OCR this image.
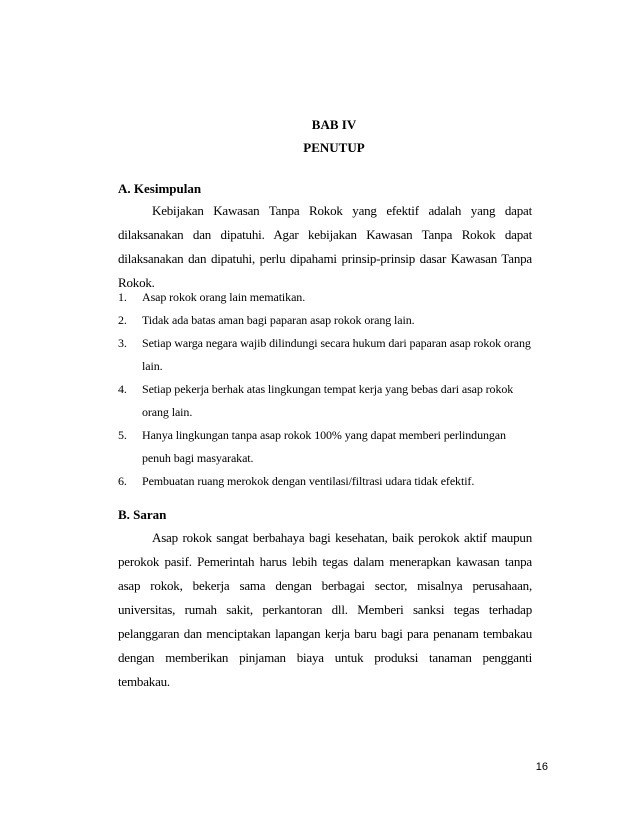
BAB IV
PENUTUP
A. Kesimpulan
Kebijakan Kawasan Tanpa Rokok yang efektif adalah yang dapat dilaksanakan dan dipatuhi. Agar kebijakan Kawasan Tanpa Rokok dapat dilaksanakan dan dipatuhi, perlu dipahami prinsip-prinsip dasar Kawasan Tanpa Rokok.
1. Asap rokok orang lain mematikan.
2. Tidak ada batas aman bagi paparan asap rokok orang lain.
3. Setiap warga negara wajib dilindungi secara hukum dari paparan asap rokok orang lain.
4. Setiap pekerja berhak atas lingkungan tempat kerja yang bebas dari asap rokok orang lain.
5. Hanya lingkungan tanpa asap rokok 100% yang dapat memberi perlindungan penuh bagi masyarakat.
6. Pembuatan ruang merokok dengan ventilasi/filtrasi udara tidak efektif.
B. Saran
Asap rokok sangat berbahaya bagi kesehatan, baik perokok aktif maupun perokok pasif. Pemerintah harus lebih tegas dalam menerapkan kawasan tanpa asap rokok, bekerja sama dengan berbagai sector, misalnya perusahaan, universitas, rumah sakit, perkantoran dll. Memberi sanksi tegas terhadap pelanggaran dan menciptakan lapangan kerja baru bagi para penanam tembakau dengan memberikan pinjaman biaya untuk produksi tanaman pengganti tembakau.
16
